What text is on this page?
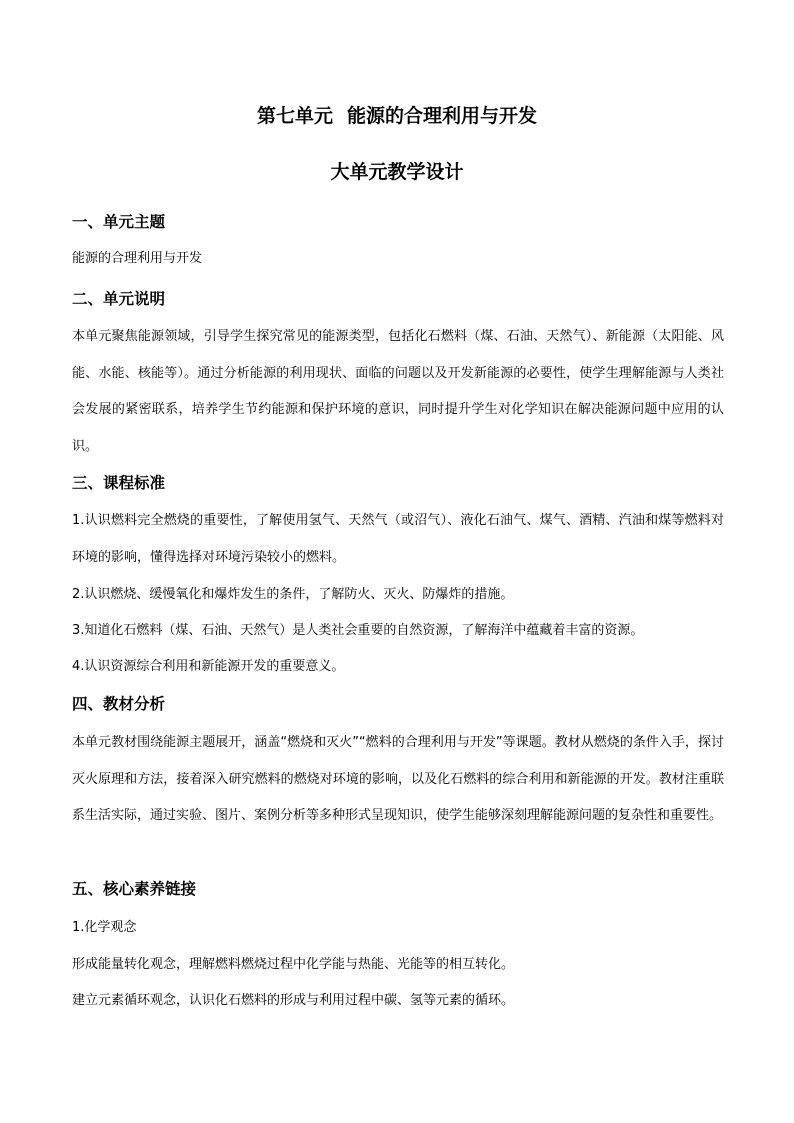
第七单元 能源的合理利用与开发
大单元教学设计
一、单元主题

能源的合理利用与开发

二、单元说明

本单元聚焦能源领域，引导学生探究常见的能源类型，包括化石燃料（煤、石油、天然气）、新能源（太阳能、风能、水能、核能等）。通过分析能源的利用现状、面临的问题以及开发新能源的必要性，使学生理解能源与人类社会发展的紧密联系，培养学生节约能源和保护环境的意识，同时提升学生对化学知识在解决能源问题中应用的认识。

三、课程标准

1.认识燃料完全燃烧的重要性，了解使用氢气、天然气（或沼气）、液化石油气、煤气、酒精、汽油和煤等燃料对环境的影响，懂得选择对环境污染较小的燃料。

2.认识燃烧、缓慢氧化和爆炸发生的条件，了解防火、灭火、防爆炸的措施。

3.知道化石燃料（煤、石油、天然气）是人类社会重要的自然资源，了解海洋中蕴藏着丰富的资源。

4.认识资源综合利用和新能源开发的重要意义。

四、教材分析

本单元教材围绕能源主题展开，涵盖“燃烧和灭火”“燃料的合理利用与开发”等课题。教材从燃烧的条件入手，探讨灭火原理和方法，接着深入研究燃料的燃烧对环境的影响，以及化石燃料的综合利用和新能源的开发。教材注重联系生活实际，通过实验、图片、案例分析等多种形式呈现知识，使学生能够深刻理解能源问题的复杂性和重要性。

五、核心素养链接

1.化学观念

形成能量转化观念，理解燃料燃烧过程中化学能与热能、光能等的相互转化。

建立元素循环观念，认识化石燃料的形成与利用过程中碳、氢等元素的循环。
